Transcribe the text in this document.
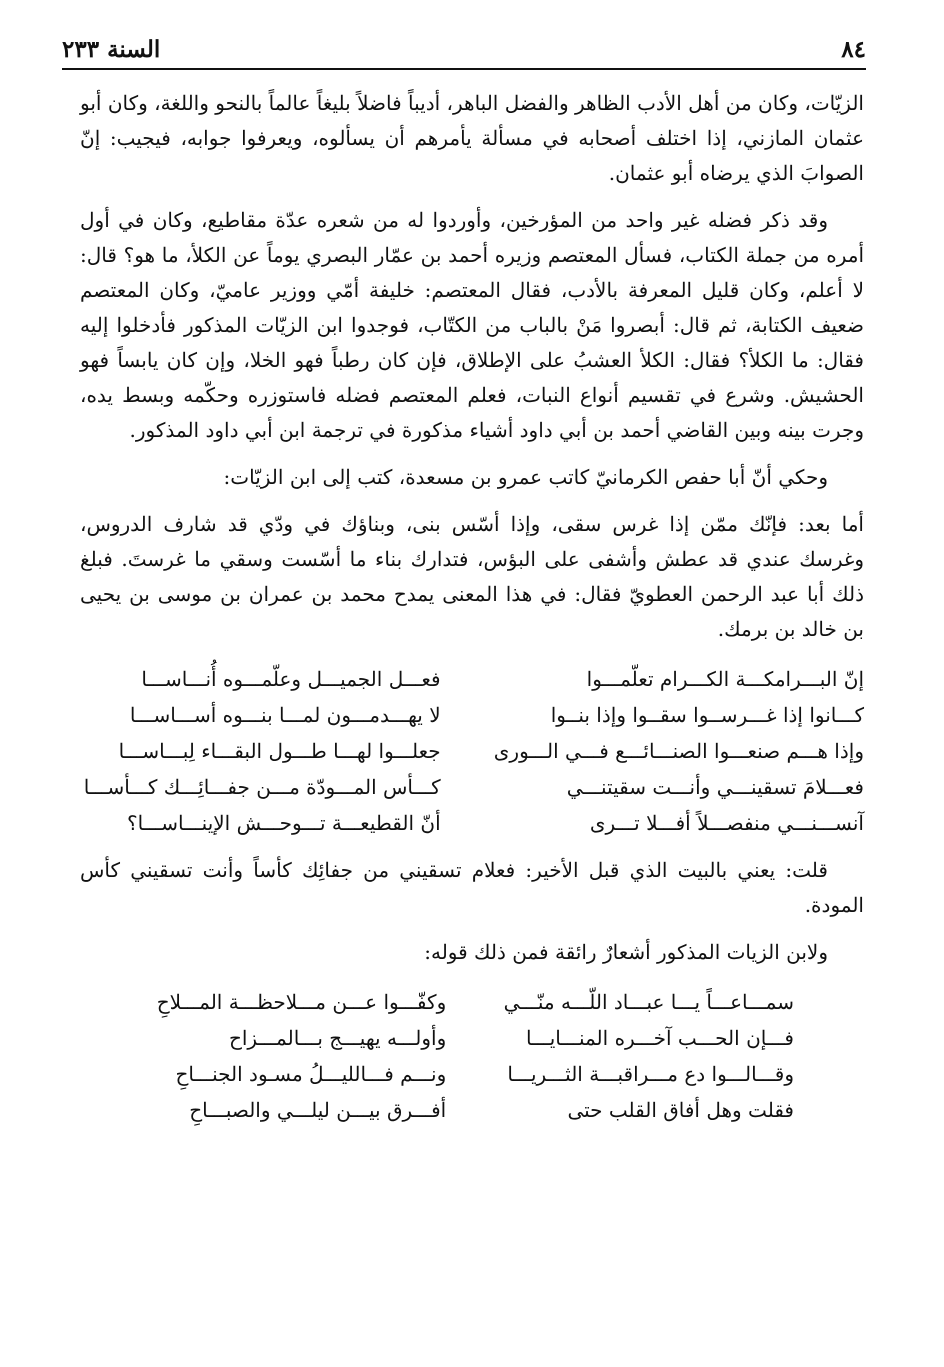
٨٤
السنة ٢٣٣

الزيّات، وكان من أهل الأدب الظاهر والفضل الباهر، أديباً فاضلاً بليغاً عالماً بالنحو واللغة، وكان أبو عثمان المازني، إذا اختلف أصحابه في مسألة يأمرهم أن يسألوه، ويعرفوا جوابه، فيجيب: إنّ الصوابَ الذي يرضاه أبو عثمان.

وقد ذكر فضله غير واحد من المؤرخين، وأوردوا له من شعره عدّة مقاطيع، وكان في أول أمره من جملة الكتاب، فسأل المعتصم وزيره أحمد بن عمّار البصري يوماً عن الكلأ، ما هو؟ قال: لا أعلم، وكان قليل المعرفة بالأدب، فقال المعتصم: خليفة أمّي ووزير عاميّ، وكان المعتصم ضعيف الكتابة، ثم قال: أبصروا مَنْ بالباب من الكتّاب، فوجدوا ابن الزيّات المذكور فأدخلوا إليه فقال: ما الكلأ؟ فقال: الكلأ العشبُ على الإطلاق، فإن كان رطباً فهو الخلا، وإن كان يابساً فهو الحشيش. وشرع في تقسيم أنواع النبات، فعلم المعتصم فضله فاستوزره وحكّمه وبسط يده، وجرت بينه وبين القاضي أحمد بن أبي داود أشياء مذكورة في ترجمة ابن أبي داود المذكور.

وحكي أنّ أبا حفص الكرمانيّ كاتب عمرو بن مسعدة، كتب إلى ابن الزيّات:

أما بعد: فإنّك ممّن إذا غرس سقى، وإذا أسّس بنى، وبناؤك في ودّي قد شارف الدروس، وغرسك عندي قد عطش وأشفى على البؤس، فتدارك بناء ما أسّست وسقي ما غرستَ. فبلغ ذلك أبا عبد الرحمن العطويّ فقال: في هذا المعنى يمدح محمد بن عمران بن موسى بن يحيى بن خالد بن برمك.

إنّ البـــرامكـــة الكـــرام تعلّمـــوا
فعـــل الجميـــل وعلّمـــوه أُنـــاســـا
كـــانوا إذا غـــرســوا سقــوا وإذا بنــوا
لا يهـــدمـــون لمـــا بنـــوه أســـاســـا
وإذا هـــم صنعـــوا الصنـــائـــع فـــي الـــورى
جعلـــوا لهـــا طـــول البقـــاء لِبـــاســـا
فعـــلامَ تسقينـــي وأنـــت سقيتنـــي
كـــأس المـــودّة مـــن جفـــائِـــك كـــأســـا
آنســـنـــي منفصـــلاً أفـــلا تـــرى
أنّ القطيعـــة تـــوحـــش الإينـــاســـا؟

قلت: يعني بالبيت الذي قبل الأخير: فعلام تسقيني من جفائِك كأساً وأنت تسقيني كأس المودة.

ولابن الزيات المذكور أشعارٌ رائقة فمن ذلك قوله:

سمـــاعـــاً يـــا عبـــاد اللّـــه منّـــي
وكفّـــوا عـــن مـــلاحظـــة المـــلاحِ
فـــإن الحـــب آخـــره المنـــايـــا
وأولـــه يهيـــج بـــالمـــزاح
وقـــالـــوا دع مـــراقبـــة الثـــريـــا
ونـــم فـــالليـــلُ مسـود الجنـــاحِ
فقلت وهل أفاق القلب حتى
أفـــرق بيـــن ليلـــي والصبـــاحِ
